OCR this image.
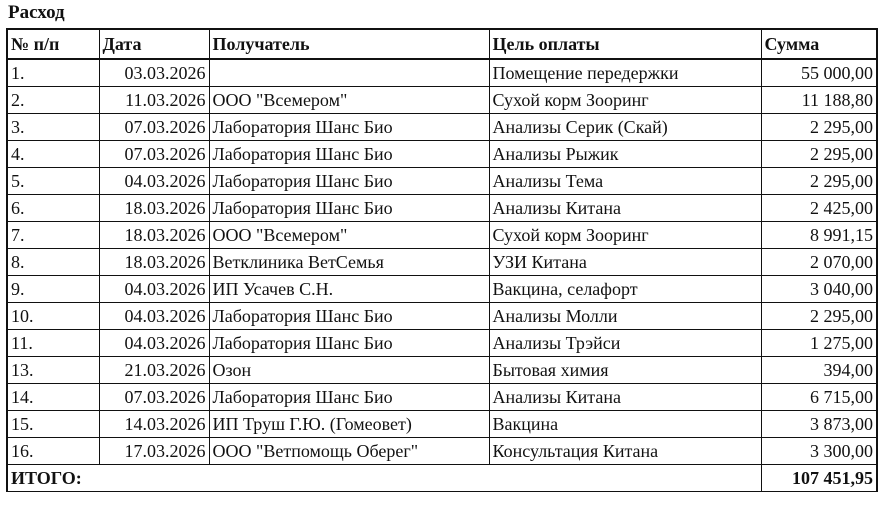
Расход
№ п/п	Дата	Получатель	Цель оплаты	Сумма
1.	03.03.2026		Помещение передержки	55 000,00
2.	11.03.2026	ООО "Всемером"	Сухой корм Зооринг	11 188,80
3.	07.03.2026	Лаборатория Шанс Био	Анализы Серик (Скай)	2 295,00
4.	07.03.2026	Лаборатория Шанс Био	Анализы Рыжик	2 295,00
5.	04.03.2026	Лаборатория Шанс Био	Анализы Тема	2 295,00
6.	18.03.2026	Лаборатория Шанс Био	Анализы Китана	2 425,00
7.	18.03.2026	ООО "Всемером"	Сухой корм Зооринг	8 991,15
8.	18.03.2026	Ветклиника ВетСемья	УЗИ Китана	2 070,00
9.	04.03.2026	ИП Усачев С.Н.	Вакцина, селафорт	3 040,00
10.	04.03.2026	Лаборатория Шанс Био	Анализы Молли	2 295,00
11.	04.03.2026	Лаборатория Шанс Био	Анализы Трэйси	1 275,00
13.	21.03.2026	Озон	Бытовая химия	394,00
14.	07.03.2026	Лаборатория Шанс Био	Анализы Китана	6 715,00
15.	14.03.2026	ИП Труш Г.Ю. (Гомеовет)	Вакцина	3 873,00
16.	17.03.2026	ООО "Ветпомощь Оберег"	Консультация Китана	3 300,00
ИТОГО:				107 451,95
